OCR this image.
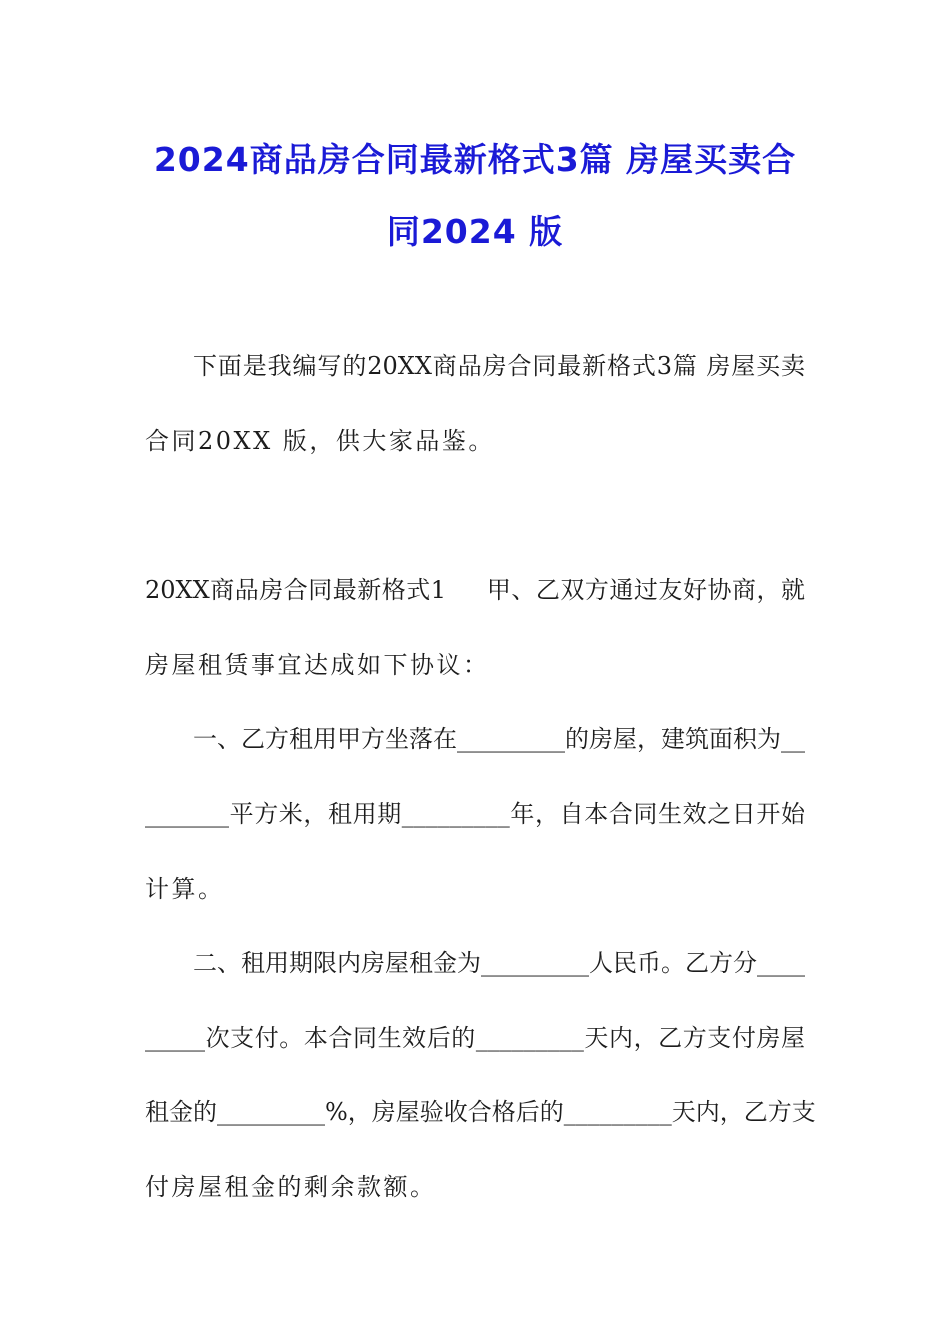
2024商品房合同最新格式3篇 房屋买卖合
同2024 版
下面是我编写的20XX商品房合同最新格式3篇 房屋买卖
合同20XX 版，供大家品鉴。
20XX商品房合同最新格式1 　 甲、乙双方通过友好协商，就
房屋租赁事宜达成如下协议：
一、乙方租用甲方坐落在_________的房屋，建筑面积为__
_______平方米，租用期_________年，自本合同生效之日开始
计算。
二、租用期限内房屋租金为_________人民币。乙方分____
_____次支付。本合同生效后的_________天内，乙方支付房屋
租金的_________%，房屋验收合格后的_________天内，乙方支
付房屋租金的剩余款额。
